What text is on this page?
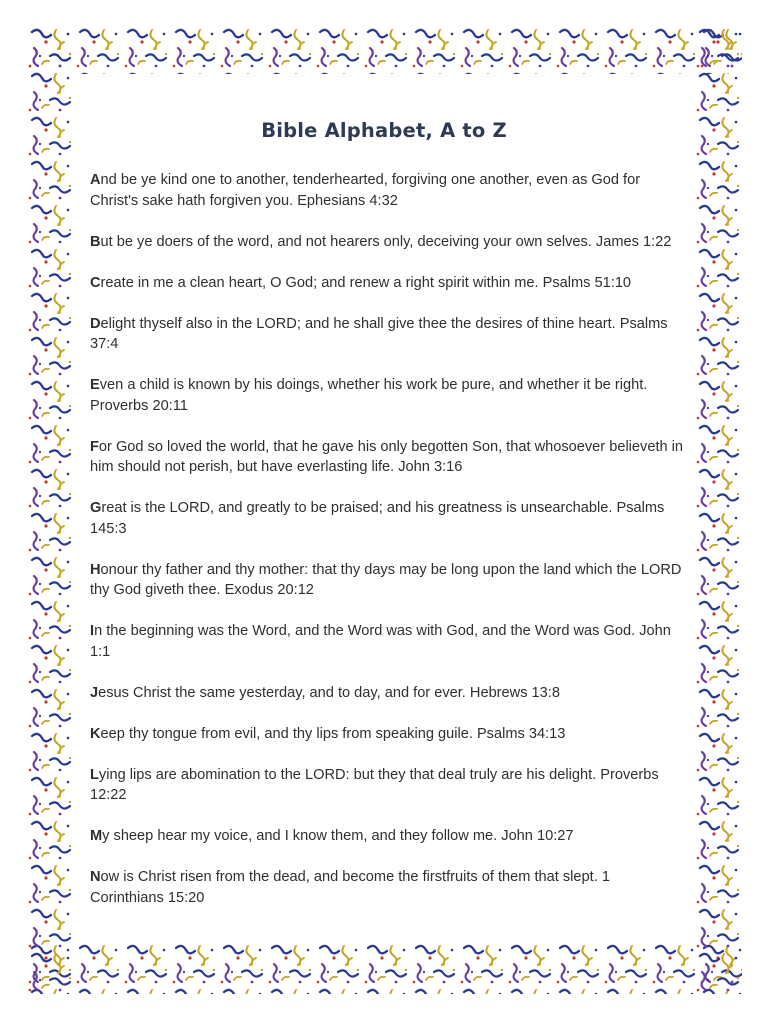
Bible Alphabet, A to Z

And be ye kind one to another, tenderhearted, forgiving one another, even as God for Christ's sake hath forgiven you. Ephesians 4:32

But be ye doers of the word, and not hearers only, deceiving your own selves. James 1:22

Create in me a clean heart, O God; and renew a right spirit within me. Psalms 51:10

Delight thyself also in the LORD; and he shall give thee the desires of thine heart. Psalms 37:4

Even a child is known by his doings, whether his work be pure, and whether it be right. Proverbs 20:11

For God so loved the world, that he gave his only begotten Son, that whosoever believeth in him should not perish, but have everlasting life. John 3:16

Great is the LORD, and greatly to be praised; and his greatness is unsearchable. Psalms 145:3

Honour thy father and thy mother: that thy days may be long upon the land which the LORD thy God giveth thee. Exodus 20:12

In the beginning was the Word, and the Word was with God, and the Word was God. John 1:1

Jesus Christ the same yesterday, and to day, and for ever. Hebrews 13:8

Keep thy tongue from evil, and thy lips from speaking guile. Psalms 34:13

Lying lips are abomination to the LORD: but they that deal truly are his delight. Proverbs 12:22

My sheep hear my voice, and I know them, and they follow me. John 10:27

Now is Christ risen from the dead, and become the firstfruits of them that slept. 1 Corinthians 15:20
